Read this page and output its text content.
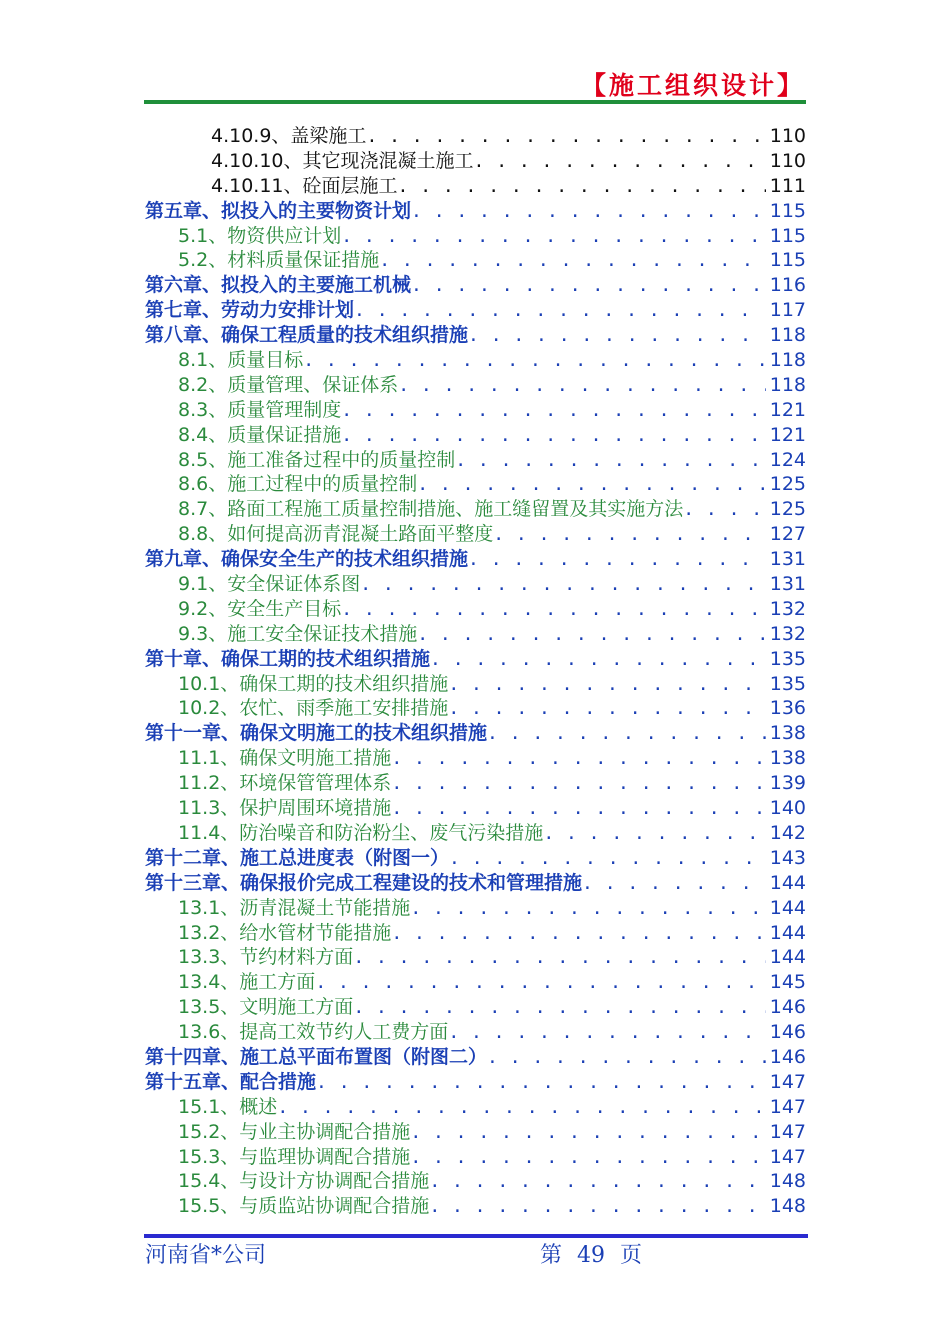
【施工组织设计】
4.10.9、盖梁施工 . . .	110
4.10.10、其它现浇混凝土施工 . . .	110
4.10.11、砼面层施工 . . .	111
第五章、拟投入的主要物资计划 . . .	115
5.1、物资供应计划 . . .	115
5.2、材料质量保证措施 . . .	115
第六章、拟投入的主要施工机械 . . .	116
第七章、劳动力安排计划 . . .	117
第八章、确保工程质量的技术组织措施 . . .	118
8.1、质量目标 . . .	118
8.2、质量管理、保证体系 . . .	118
8.3、质量管理制度 . . .	121
8.4、质量保证措施 . . .	121
8.5、施工准备过程中的质量控制 . . .	124
8.6、施工过程中的质量控制 . . .	125
8.7、路面工程施工质量控制措施、施工缝留置及其实施方法 . . .	125
8.8、如何提高沥青混凝土路面平整度 . . .	127
第九章、确保安全生产的技术组织措施 . . .	131
9.1、安全保证体系图 . . .	131
9.2、安全生产目标 . . .	132
9.3、施工安全保证技术措施 . . .	132
第十章、确保工期的技术组织措施 . . .	135
10.1、确保工期的技术组织措施 . . .	135
10.2、农忙、雨季施工安排措施 . . .	136
第十一章、确保文明施工的技术组织措施 . . .	138
11.1、确保文明施工措施 . . .	138
11.2、环境保管管理体系 . . .	139
11.3、保护周围环境措施 . . .	140
11.4、防治噪音和防治粉尘、废气污染措施 . . .	142
第十二章、施工总进度表（附图一） . . .	143
第十三章、确保报价完成工程建设的技术和管理措施 . . .	144
13.1、沥青混凝土节能措施 . . .	144
13.2、给水管材节能措施 . . .	144
13.3、节约材料方面 . . .	144
13.4、施工方面 . . .	145
13.5、文明施工方面 . . .	146
13.6、提高工效节约人工费方面 . . .	146
第十四章、施工总平面布置图（附图二） . . .	146
第十五章、配合措施 . . .	147
15.1、概述 . . .	147
15.2、与业主协调配合措施 . . .	147
15.3、与监理协调配合措施 . . .	147
15.4、与设计方协调配合措施 . . .	148
15.5、与质监站协调配合措施 . . .	148
河南省*公司	第 49 页
